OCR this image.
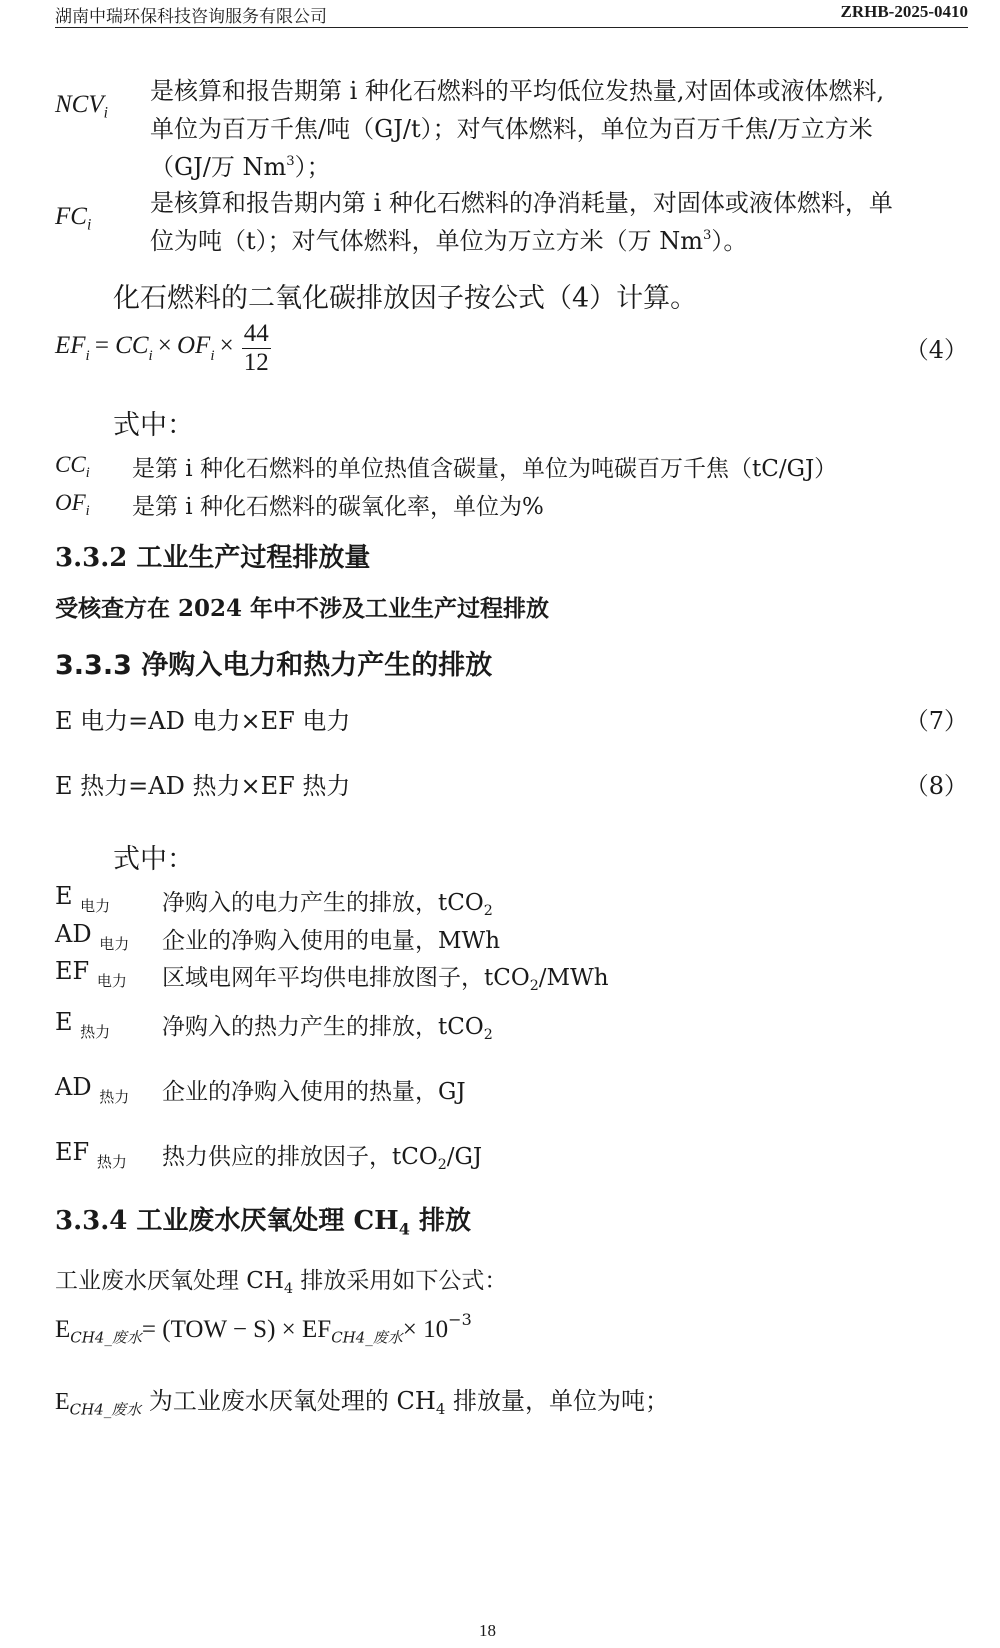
湖南中瑞环保科技咨询服务有限公司	ZRHB-2025-0410
$NCV_i$
是核算和报告期第 i 种化石燃料的平均低位发热量,对固体或液体燃料,
单位为百万千焦/吨（GJ/t）；对气体燃料，单位为百万千焦/万立方米
（GJ/万 Nm$^3$）；
$FC_i$
是核算和报告期内第 i 种化石燃料的净消耗量，对固体或液体燃料，单
位为吨（t）；对气体燃料，单位为万立方米（万 Nm$^3$）。
化石燃料的二氧化碳排放因子按公式（4）计算。
EFi = CCi × OFi × $\frac{44}{12}$	（4）
式中：
$CC_i$ 是第 i 种化石燃料的单位热值含碳量，单位为吨碳百万千焦（tC/GJ）
$OF_i$ 是第 i 种化石燃料的碳氧化率，单位为%
3.3.2 工业生产过程排放量
受核查方在 2024 年中不涉及工业生产过程排放
3.3.3 净购入电力和热力产生的排放
E 电力=AD 电力×EF 电力	（7）
E 热力=AD 热力×EF 热力	（8）
式中：
E $_{电力}$ 净购入的电力产生的排放，tCO$_2$
AD $_{电力}$ 企业的净购入使用的电量，MWh
EF $_{电力}$ 区域电网年平均供电排放图子，tCO$_2$/MWh
E $_{热力}$ 净购入的热力产生的排放，tCO$_2$
AD $_{热力}$ 企业的净购入使用的热量，GJ
EF $_{热力}$ 热力供应的排放因子，tCO$_2$/GJ
3.3.4 工业废水厌氧处理 $CH_4$ 排放
工业废水厌氧处理 $CH_4$ 排放采用如下公式：
$E_{CH4\_废水}= (TOW - S) \times EF_{CH4\_废水}\times 10^{-3}$
$E_{CH4\_废水}$ 为工业废水厌氧处理的 $CH_4$ 排放量，单位为吨；
18
